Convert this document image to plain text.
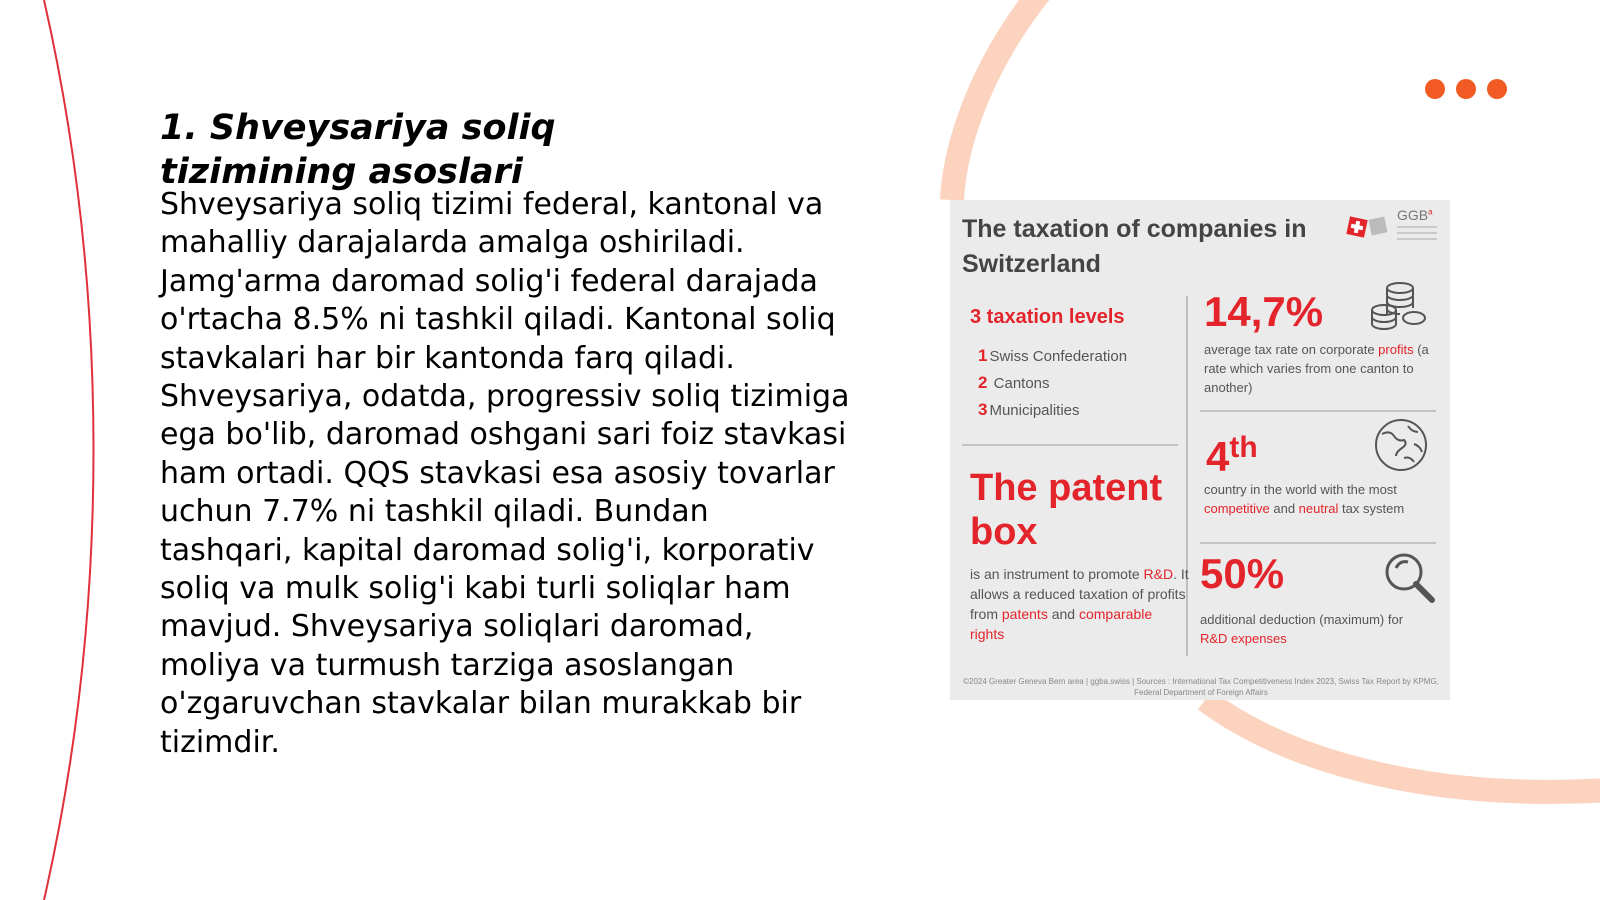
1. Shveysariya soliq tizimining asoslari

Shveysariya soliq tizimi federal, kantonal va mahalliy darajalarda amalga oshiriladi. Jamg'arma daromad solig'i federal darajada o'rtacha 8.5% ni tashkil qiladi. Kantonal soliq stavkalari har bir kantonda farq qiladi. Shveysariya, odatda, progressiv soliq tizimiga ega bo'lib, daromad oshgani sari foiz stavkasi ham ortadi. QQS stavkasi esa asosiy tovarlar uchun 7.7% ni tashkil qiladi. Bundan tashqari, kapital daromad solig'i, korporativ soliq va mulk solig'i kabi turli soliqlar ham mavjud. Shveysariya soliqlari daromad, moliya va turmush tarziga asoslangan o'zgaruvchan stavkalar bilan murakkab bir tizimdir.

The taxation of companies in Switzerland
GGB$^a$
3 taxation levels
1 Swiss Confederation
2 Cantons
3 Municipalities
The patent box
is an instrument to promote R&D. It allows a reduced taxation of profits from patents and comparable rights
14,7%
average tax rate on corporate profits (a rate which varies from one canton to another)
4th
country in the world with the most competitive and neutral tax system
50%
additional deduction (maximum) for R&D expenses
©2024 Greater Geneva Bern area | ggba.swiss | Sources : International Tax Competitiveness Index 2023, Swiss Tax Report by KPMG, Federal Department of Foreign Affairs
